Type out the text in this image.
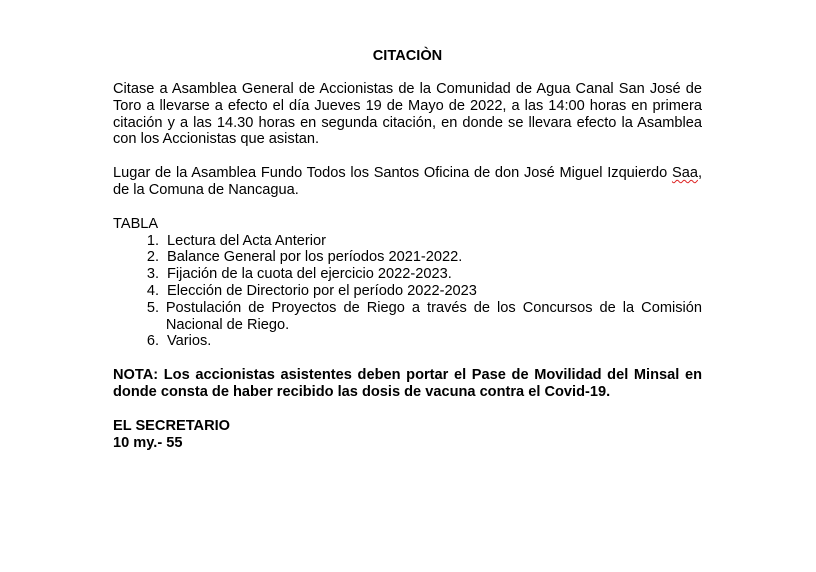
CITACIÒN

Citase a Asamblea General de Accionistas de la Comunidad de Agua Canal San José de Toro a llevarse a efecto el día Jueves 19 de Mayo de 2022, a las 14:00 horas en primera citación y a las 14.30 horas en segunda citación, en donde se llevara efecto la Asamblea con los Accionistas que asistan.

Lugar de la Asamblea Fundo Todos los Santos Oficina de don José Miguel Izquierdo Saa, de la Comuna de Nancagua.

TABLA
1. Lectura del Acta Anterior
2. Balance General por los períodos 2021-2022.
3. Fijación de la cuota del ejercicio 2022-2023.
4. Elección de Directorio por el período 2022-2023
5. Postulación de Proyectos de Riego a través de los Concursos de la Comisión Nacional de Riego.
6. Varios.

NOTA: Los accionistas asistentes deben portar el Pase de Movilidad del Minsal en donde consta de haber recibido las dosis de vacuna contra el Covid-19.

EL SECRETARIO
10 my.- 55
